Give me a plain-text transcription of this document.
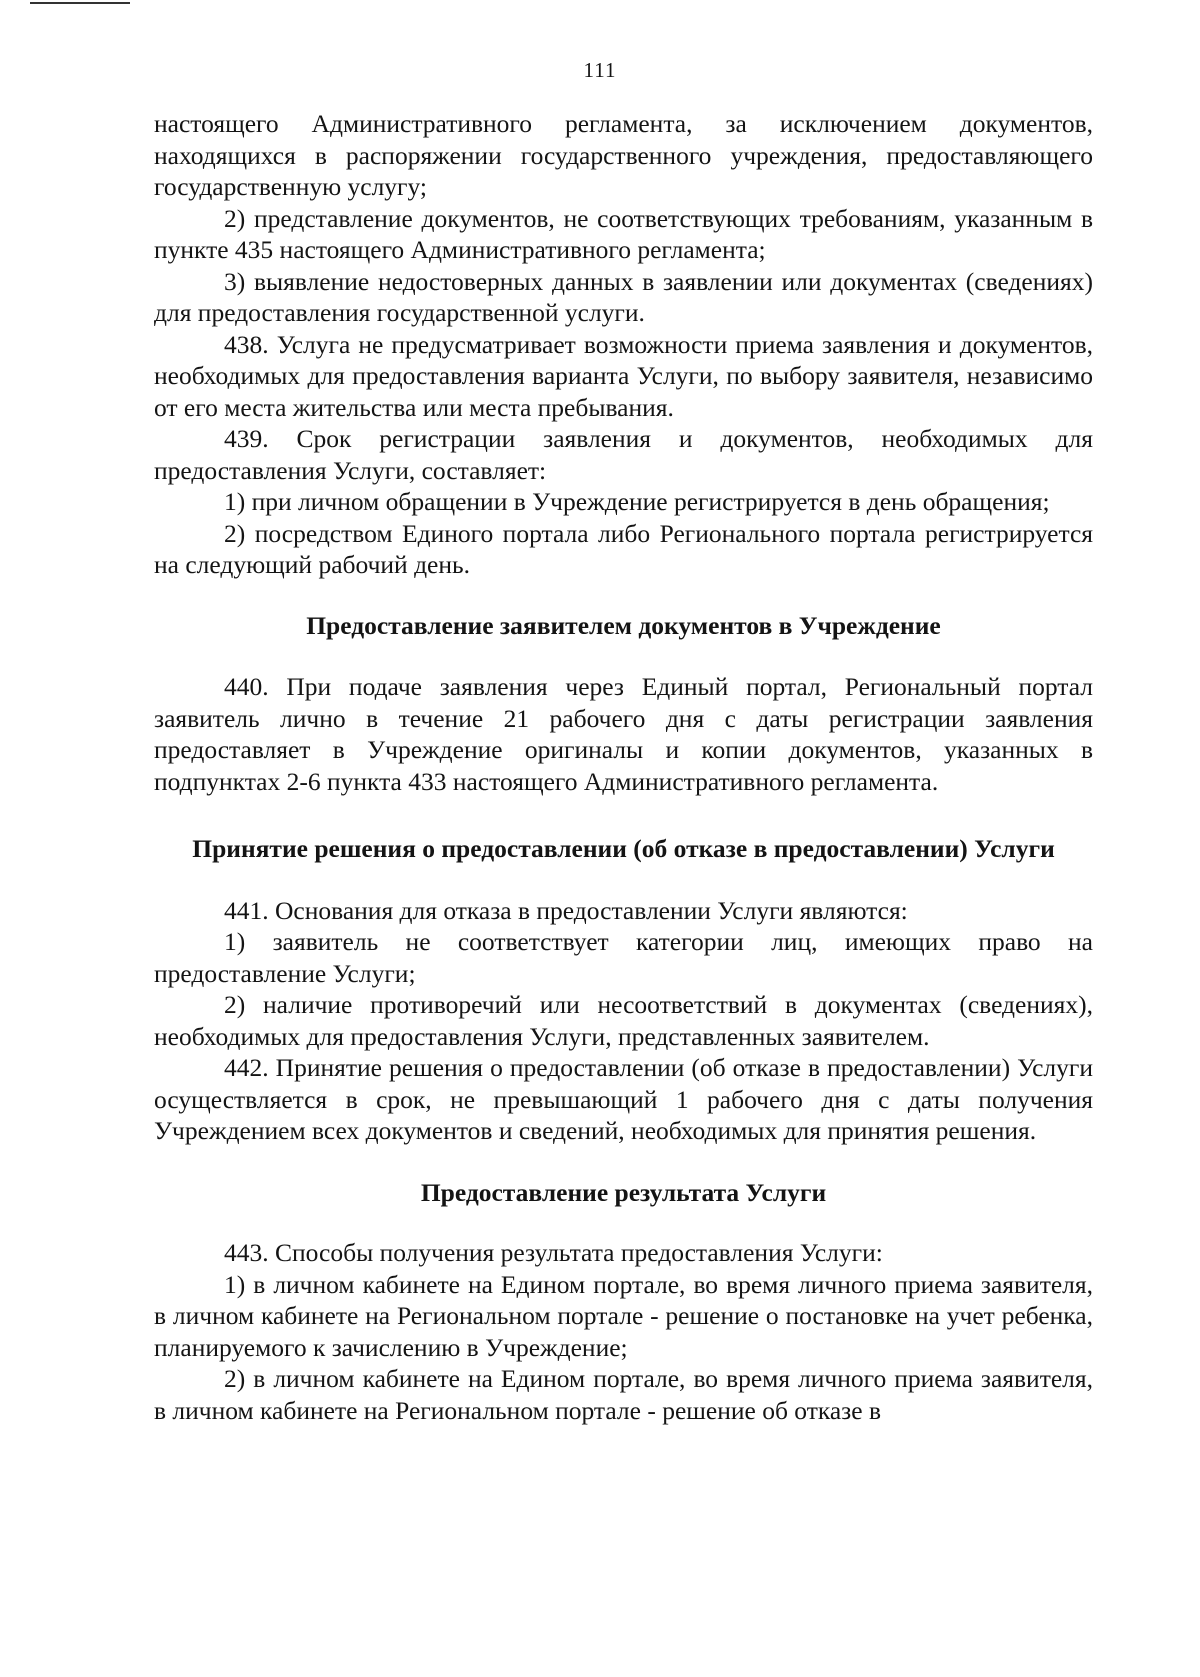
111

настоящего Административного регламента, за исключением документов, находящихся в распоряжении государственного учреждения, предоставляющего государственную услугу;

2) представление документов, не соответствующих требованиям, указанным в пункте 435 настоящего Административного регламента;

3) выявление недостоверных данных в заявлении или документах (сведениях) для предоставления государственной услуги.

438. Услуга не предусматривает возможности приема заявления и документов, необходимых для предоставления варианта Услуги, по выбору заявителя, независимо от его места жительства или места пребывания.

439. Срок регистрации заявления и документов, необходимых для предоставления Услуги, составляет:

1) при личном обращении в Учреждение регистрируется в день обращения;

2) посредством Единого портала либо Регионального портала регистрируется на следующий рабочий день.

Предоставление заявителем документов в Учреждение

440. При подаче заявления через Единый портал, Региональный портал заявитель лично в течение 21 рабочего дня с даты регистрации заявления предоставляет в Учреждение оригиналы и копии документов, указанных в подпунктах 2-6 пункта 433 настоящего Административного регламента.

Принятие решения о предоставлении (об отказе в предоставлении) Услуги

441. Основания для отказа в предоставлении Услуги являются:

1) заявитель не соответствует категории лиц, имеющих право на предоставление Услуги;

2) наличие противоречий или несоответствий в документах (сведениях), необходимых для предоставления Услуги, представленных заявителем.

442. Принятие решения о предоставлении (об отказе в предоставлении) Услуги осуществляется в срок, не превышающий 1 рабочего дня с даты получения Учреждением всех документов и сведений, необходимых для принятия решения.

Предоставление результата Услуги

443. Способы получения результата предоставления Услуги:

1) в личном кабинете на Едином портале, во время личного приема заявителя, в личном кабинете на Региональном портале - решение о постановке на учет ребенка, планируемого к зачислению в Учреждение;

2) в личном кабинете на Едином портале, во время личного приема заявителя, в личном кабинете на Региональном портале - решение об отказе в
